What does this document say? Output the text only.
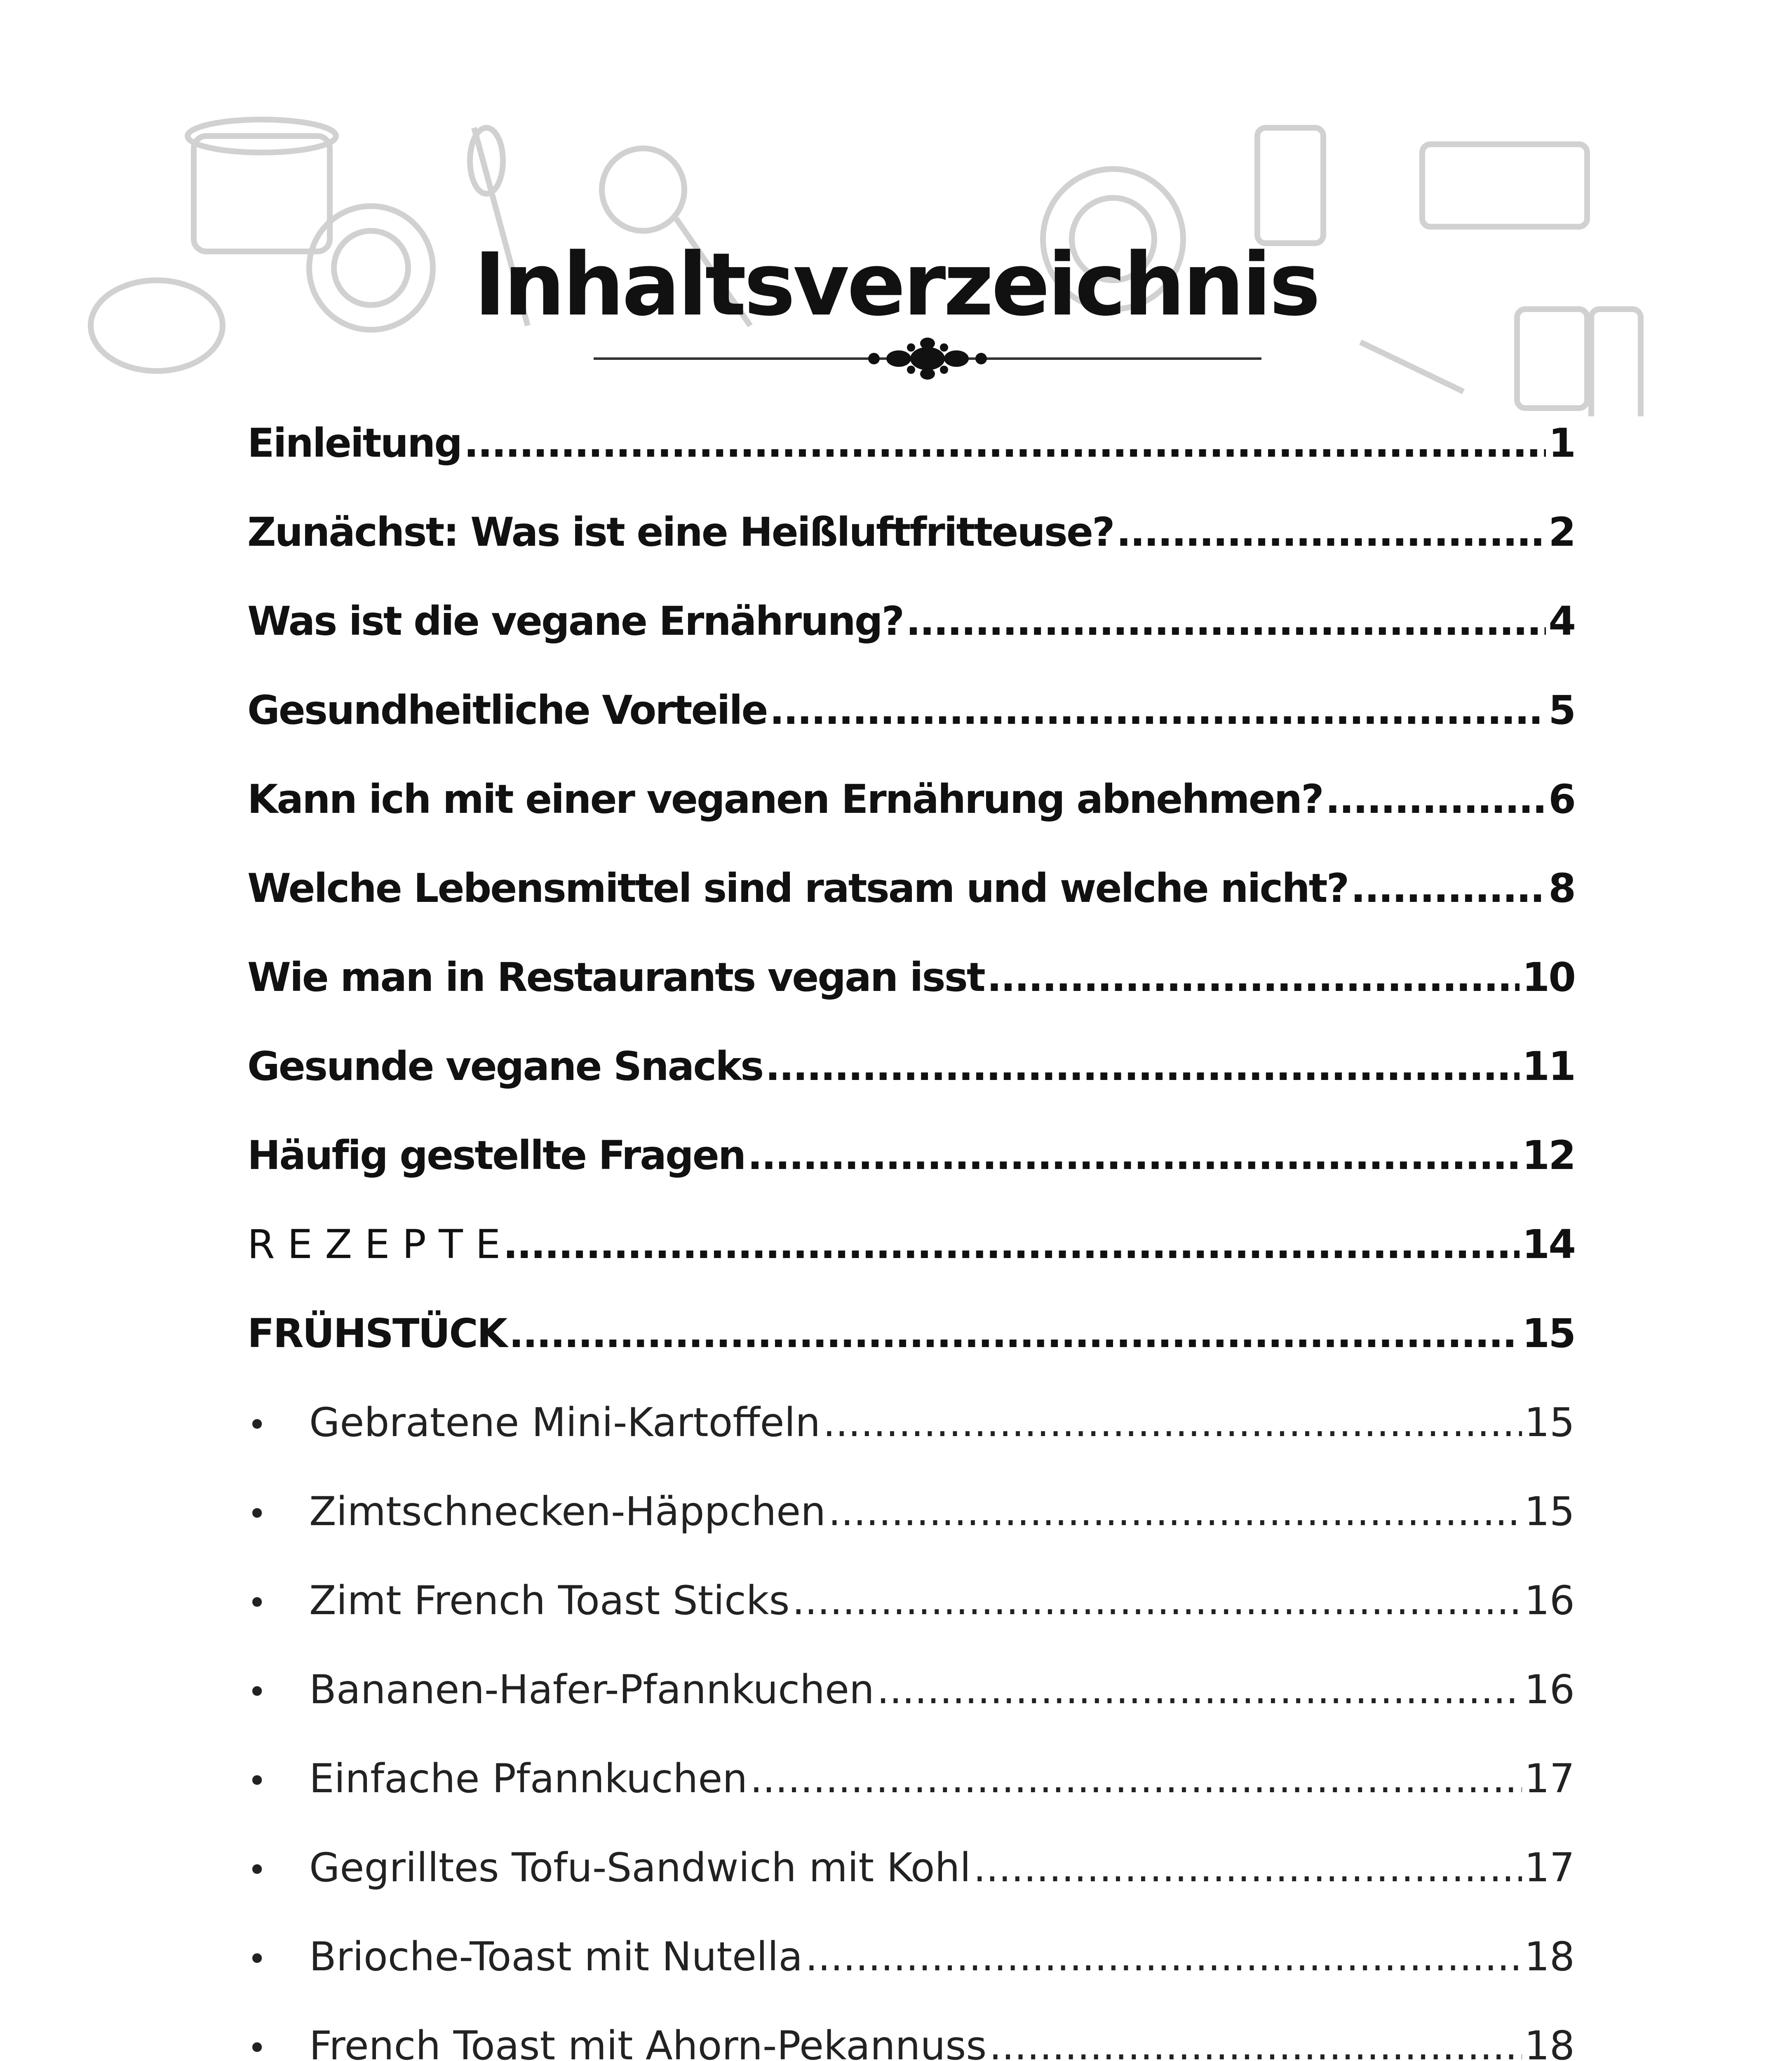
Inhaltsverzeichnis
Einleitung .....	1
Zunächst: Was ist eine Heißluftfritteuse? .....	2
Was ist die vegane Ernährung? .....	4
Gesundheitliche Vorteile .....	5
Kann ich mit einer veganen Ernährung abnehmen? .....	6
Welche Lebensmittel sind ratsam und welche nicht? .....	8
Wie man in Restaurants vegan isst .....	10
Gesunde vegane Snacks .....	11
Häufig gestellte Fragen .....	12
R E Z E P T E .....	14
FRÜHSTÜCK .....	15
•	Gebratene Mini-Kartoffeln .....	15
•	Zimtschnecken-Häppchen .....	15
•	Zimt French Toast Sticks .....	16
•	Bananen-Hafer-Pfannkuchen .....	16
•	Einfache Pfannkuchen .....	17
•	Gegrilltes Tofu-Sandwich mit Kohl .....	17
•	Brioche-Toast mit Nutella .....	18
•	French Toast mit Ahorn-Pekannuss .....	18
